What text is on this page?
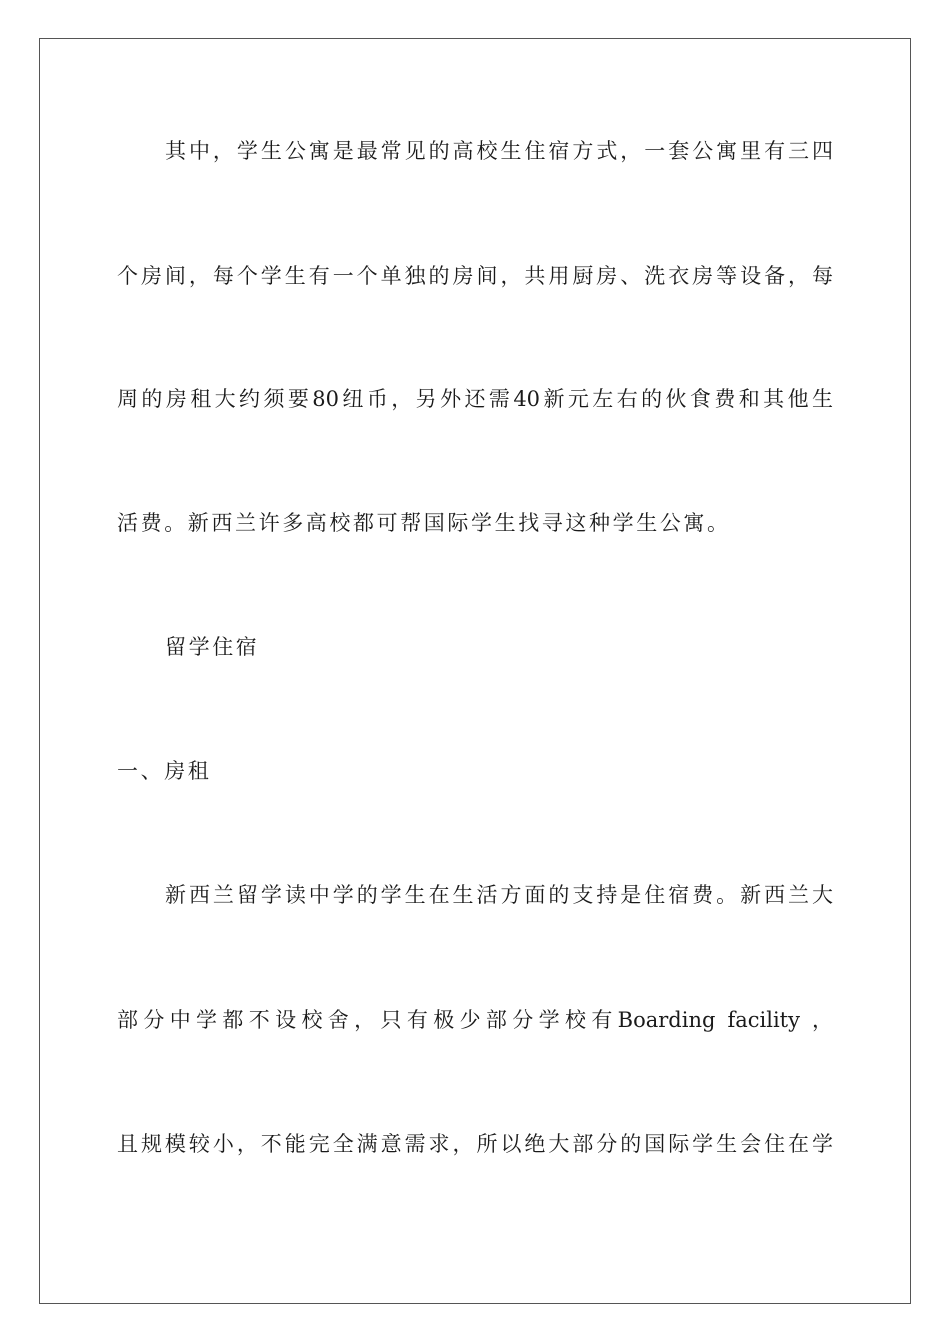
其中，学生公寓是最常见的高校生住宿方式，一套公寓里有三四
个房间，每个学生有一个单独的房间，共用厨房、洗衣房等设备，每
周的房租大约须要80纽币，另外还需40新元左右的伙食费和其他生
活费。新西兰许多高校都可帮国际学生找寻这种学生公寓。
留学住宿
一、房租
新西兰留学读中学的学生在生活方面的支持是住宿费。新西兰大
部分中学都不设校舍，只有极少部分学校有Boarding facility ，
且规模较小，不能完全满意需求，所以绝大部分的国际学生会住在学
